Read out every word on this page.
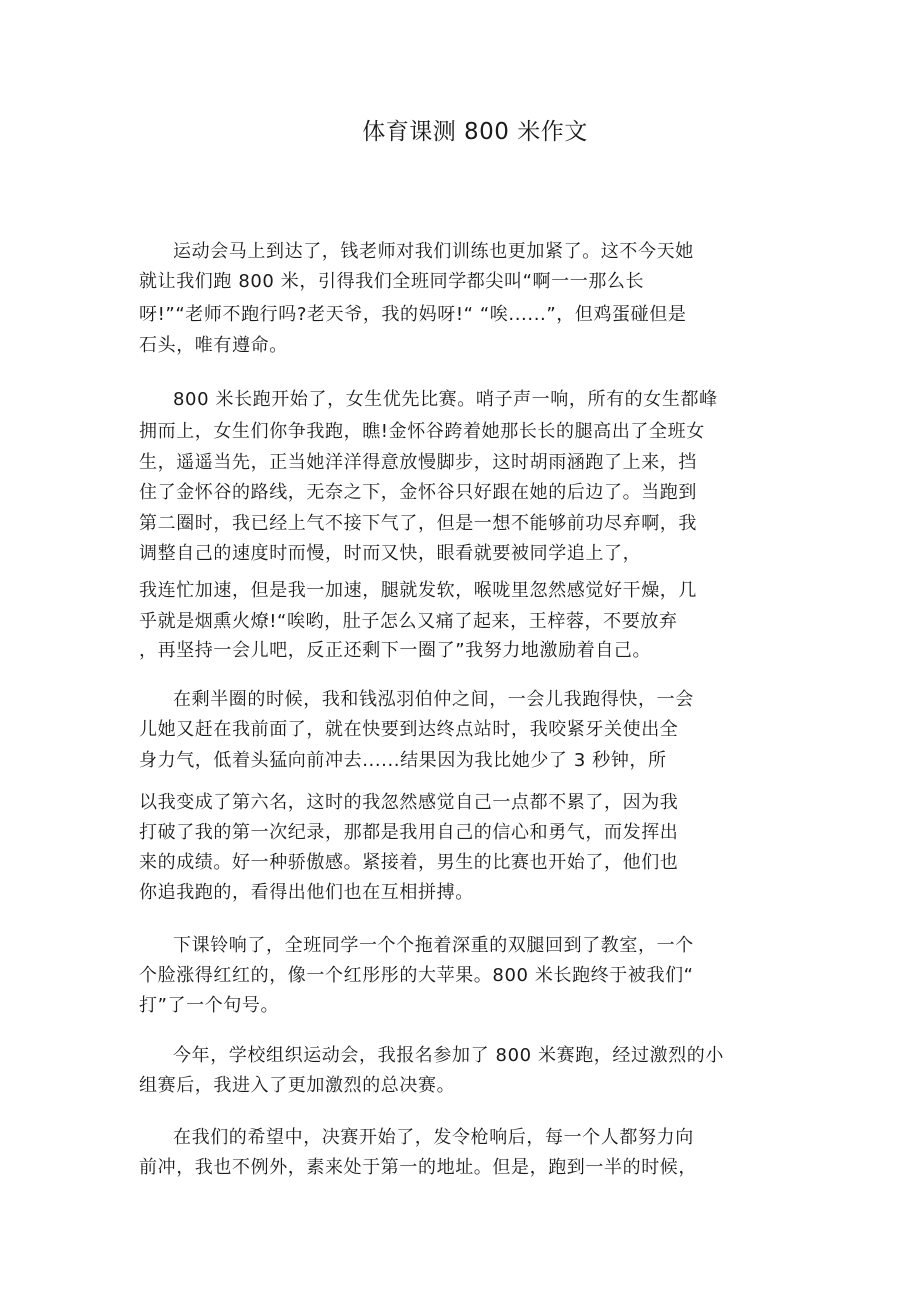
体育课测 800 米作文
运动会马上到达了，钱老师对我们训练也更加紧了。这不今天她
就让我们跑 800 米，引得我们全班同学都尖叫“啊一一那么长
呀!”“老师不跑行吗?老天爷，我的妈呀!“ “唉......”，但鸡蛋碰但是
石头，唯有遵命。
800 米长跑开始了，女生优先比赛。哨子声一响，所有的女生都峰
拥而上，女生们你争我跑，瞧!金怀谷跨着她那长长的腿高出了全班女
生，遥遥当先，正当她洋洋得意放慢脚步，这时胡雨涵跑了上来，挡
住了金怀谷的路线，无奈之下，金怀谷只好跟在她的后边了。当跑到
第二圈时，我已经上气不接下气了，但是一想不能够前功尽弃啊，我
调整自己的速度时而慢，时而又快，眼看就要被同学追上了，
我连忙加速，但是我一加速，腿就发软，喉咙里忽然感觉好干燥，几
乎就是烟熏火燎!“唉哟，肚子怎么又痛了起来，王梓蓉，不要放弃
，再坚持一会儿吧，反正还剩下一圈了”我努力地激励着自己。
在剩半圈的时候，我和钱泓羽伯仲之间，一会儿我跑得快，一会
儿她又赶在我前面了，就在快要到达终点站时，我咬紧牙关使出全
身力气，低着头猛向前冲去......结果因为我比她少了 3 秒钟，所
以我变成了第六名，这时的我忽然感觉自己一点都不累了，因为我
打破了我的第一次纪录，那都是我用自己的信心和勇气，而发挥出
来的成绩。好一种骄傲感。紧接着，男生的比赛也开始了，他们也
你追我跑的，看得出他们也在互相拼搏。
下课铃响了，全班同学一个个拖着深重的双腿回到了教室，一个
个脸涨得红红的，像一个红彤彤的大苹果。800 米长跑终于被我们“
打”了一个句号。
今年，学校组织运动会，我报名参加了 800 米赛跑，经过激烈的小
组赛后，我进入了更加激烈的总决赛。
在我们的希望中，决赛开始了，发令枪响后，每一个人都努力向
前冲，我也不例外，素来处于第一的地址。但是，跑到一半的时候，
